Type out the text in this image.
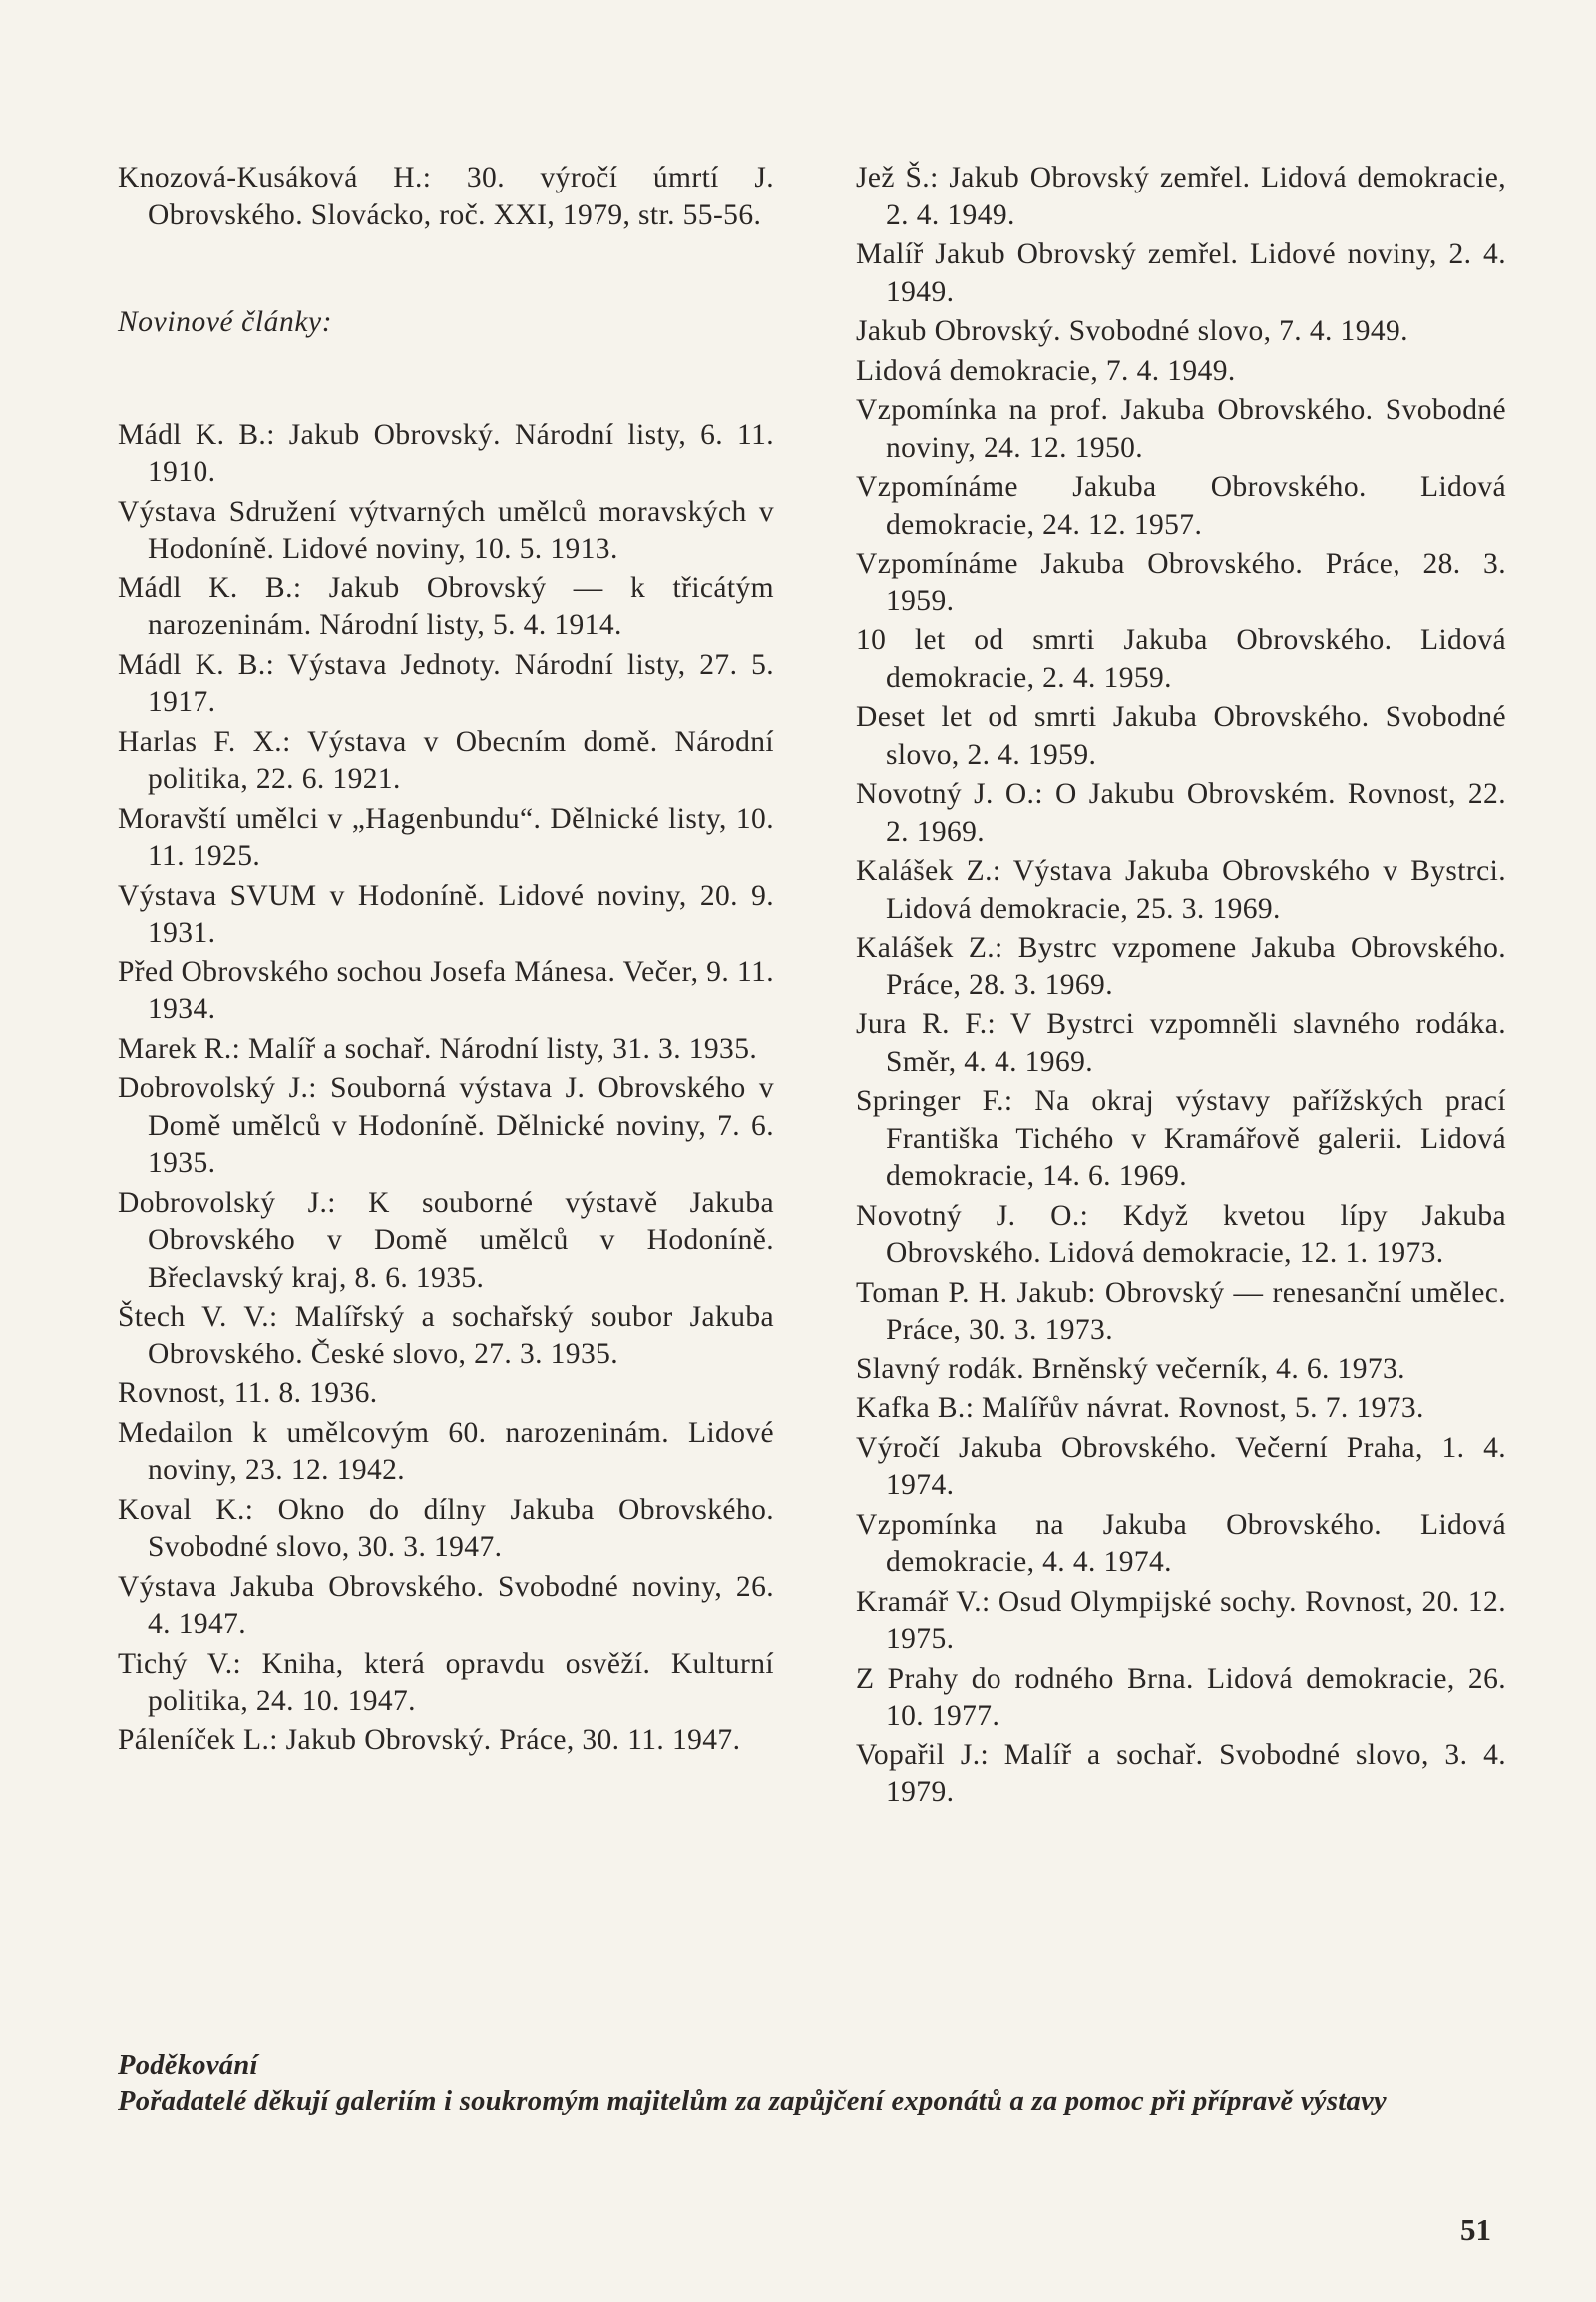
Knozová-Kusáková H.: 30. výročí úmrtí J. Obrovského. Slovácko, roč. XXI, 1979, str. 55-56.

Novinové články:

Mádl K. B.: Jakub Obrovský. Národní listy, 6. 11. 1910.

Výstava Sdružení výtvarných umělců moravských v Hodoníně. Lidové noviny, 10. 5. 1913.

Mádl K. B.: Jakub Obrovský — k třicátým narozeninám. Národní listy, 5. 4. 1914.

Mádl K. B.: Výstava Jednoty. Národní listy, 27. 5. 1917.

Harlas F. X.: Výstava v Obecním domě. Národní politika, 22. 6. 1921.

Moravští umělci v „Hagenbundu“. Dělnické listy, 10. 11. 1925.

Výstava SVUM v Hodoníně. Lidové noviny, 20. 9. 1931.

Před Obrovského sochou Josefa Mánesa. Večer, 9. 11. 1934.

Marek R.: Malíř a sochař. Národní listy, 31. 3. 1935.

Dobrovolský J.: Souborná výstava J. Obrovského v Domě umělců v Hodoníně. Dělnické noviny, 7. 6. 1935.

Dobrovolský J.: K souborné výstavě Jakuba Obrovského v Domě umělců v Hodoníně. Břeclavský kraj, 8. 6. 1935.

Štech V. V.: Malířský a sochařský soubor Jakuba Obrovského. České slovo, 27. 3. 1935.

Rovnost, 11. 8. 1936.

Medailon k umělcovým 60. narozeninám. Lidové noviny, 23. 12. 1942.

Koval K.: Okno do dílny Jakuba Obrovského. Svobodné slovo, 30. 3. 1947.

Výstava Jakuba Obrovského. Svobodné noviny, 26. 4. 1947.

Tichý V.: Kniha, která opravdu osvěží. Kulturní politika, 24. 10. 1947.

Páleníček L.: Jakub Obrovský. Práce, 30. 11. 1947.

Jež Š.: Jakub Obrovský zemřel. Lidová demokracie, 2. 4. 1949.

Malíř Jakub Obrovský zemřel. Lidové noviny, 2. 4. 1949.

Jakub Obrovský. Svobodné slovo, 7. 4. 1949.

Lidová demokracie, 7. 4. 1949.

Vzpomínka na prof. Jakuba Obrovského. Svobodné noviny, 24. 12. 1950.

Vzpomínáme Jakuba Obrovského. Lidová demokracie, 24. 12. 1957.

Vzpomínáme Jakuba Obrovského. Práce, 28. 3. 1959.

10 let od smrti Jakuba Obrovského. Lidová demokracie, 2. 4. 1959.

Deset let od smrti Jakuba Obrovského. Svobodné slovo, 2. 4. 1959.

Novotný J. O.: O Jakubu Obrovském. Rovnost, 22. 2. 1969.

Kalášek Z.: Výstava Jakuba Obrovského v Bystrci. Lidová demokracie, 25. 3. 1969.

Kalášek Z.: Bystrc vzpomene Jakuba Obrovského. Práce, 28. 3. 1969.

Jura R. F.: V Bystrci vzpomněli slavného rodáka. Směr, 4. 4. 1969.

Springer F.: Na okraj výstavy pařížských prací Františka Tichého v Kramářově galerii. Lidová demokracie, 14. 6. 1969.

Novotný J. O.: Když kvetou lípy Jakuba Obrovského. Lidová demokracie, 12. 1. 1973.

Toman P. H. Jakub: Obrovský — renesanční umělec. Práce, 30. 3. 1973.

Slavný rodák. Brněnský večerník, 4. 6. 1973.

Kafka B.: Malířův návrat. Rovnost, 5. 7. 1973.

Výročí Jakuba Obrovského. Večerní Praha, 1. 4. 1974.

Vzpomínka na Jakuba Obrovského. Lidová demokracie, 4. 4. 1974.

Kramář V.: Osud Olympijské sochy. Rovnost, 20. 12. 1975.

Z Prahy do rodného Brna. Lidová demokracie, 26. 10. 1977.

Vopařil J.: Malíř a sochař. Svobodné slovo, 3. 4. 1979.

Poděkování
Pořadatelé děkují galeriím i soukromým majitelům za zapůjčení exponátů a za pomoc při přípravě výstavy
51
